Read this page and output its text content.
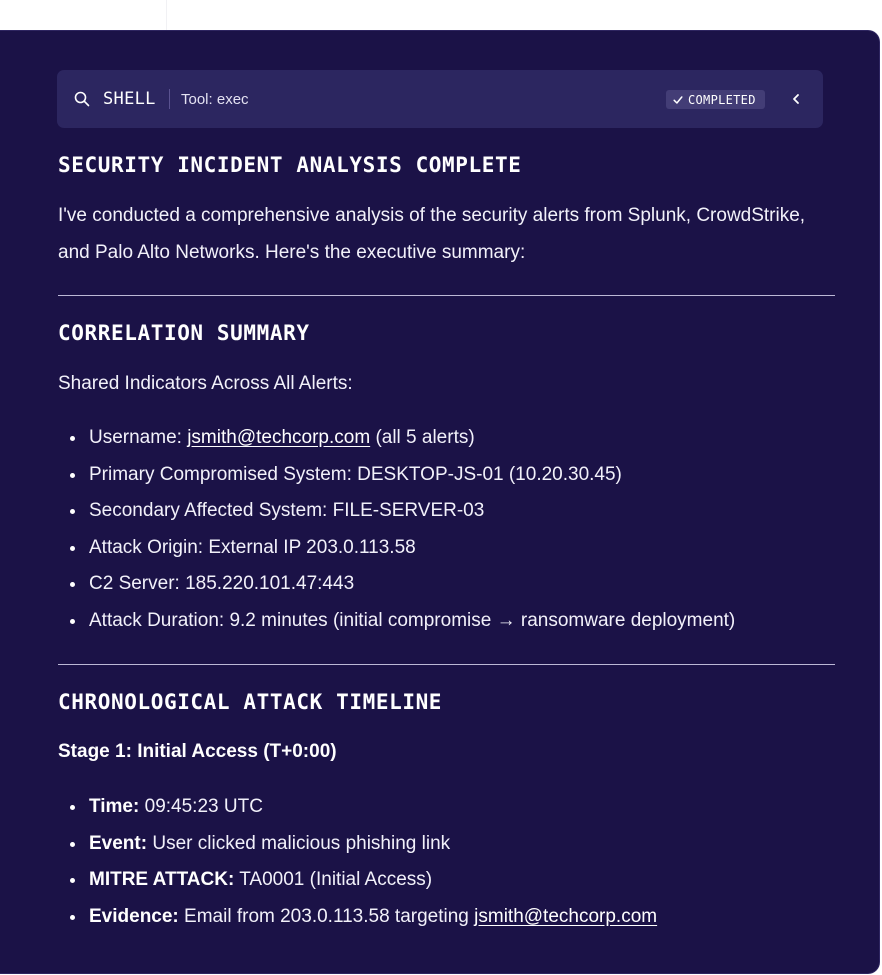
SHELL Tool: exec	COMPLETED
SECURITY INCIDENT ANALYSIS COMPLETE
I've conducted a comprehensive analysis of the security alerts from Splunk, CrowdStrike, and Palo Alto Networks. Here's the executive summary:
CORRELATION SUMMARY
Shared Indicators Across All Alerts:
Username: jsmith@techcorp.com (all 5 alerts)
Primary Compromised System: DESKTOP-JS-01 (10.20.30.45)
Secondary Affected System: FILE-SERVER-03
Attack Origin: External IP 203.0.113.58
C2 Server: 185.220.101.47:443
Attack Duration: 9.2 minutes (initial compromise → ransomware deployment)
CHRONOLOGICAL ATTACK TIMELINE
Stage 1: Initial Access (T+0:00)
Time: 09:45:23 UTC
Event: User clicked malicious phishing link
MITRE ATTACK: TA0001 (Initial Access)
Evidence: Email from 203.0.113.58 targeting jsmith@techcorp.com
